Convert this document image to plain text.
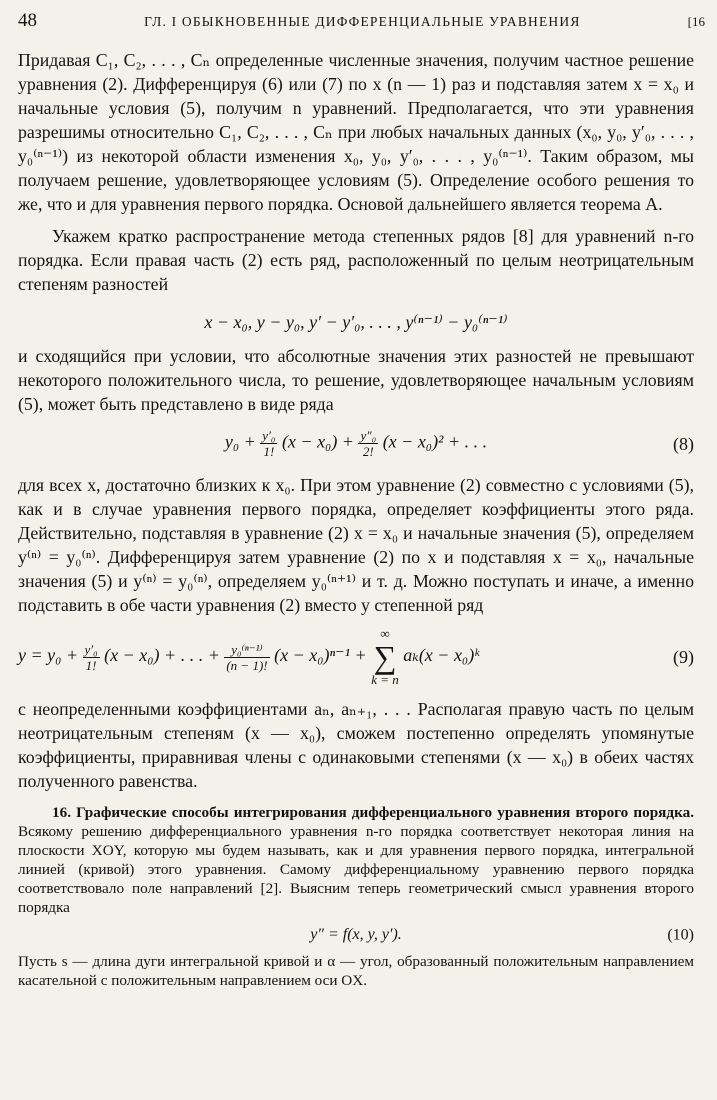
48	ГЛ. I ОБЫКНОВЕННЫЕ ДИФФЕРЕНЦИАЛЬНЫЕ УРАВНЕНИЯ	[16

Придавая C₁, C₂, . . . , Cₙ определенные численные значения, получим частное решение уравнения (2). Дифференцируя (6) или (7) по x (n — 1) раз и подставляя затем x = x₀ и начальные условия (5), получим n уравнений. Предполагается, что эти уравнения разрешимы относительно C₁, C₂, . . . , Cₙ при любых начальных данных (x₀, y₀, y′₀, . . . , y₀⁽ⁿ⁻¹⁾) из некоторой области изменения x₀, y₀, y′₀, . . . , y₀⁽ⁿ⁻¹⁾. Таким образом, мы получаем решение, удовлетворяющее условиям (5). Определение особого решения то же, что и для уравнения первого порядка. Основой дальнейшего является теорема A.

Укажем кратко распространение метода степенных рядов [8] для уравнений n-го порядка. Если правая часть (2) есть ряд, расположенный по целым неотрицательным степеням разностей

x − x₀, y − y₀, y′ − y′₀, . . . , y⁽ⁿ⁻¹⁾ − y₀⁽ⁿ⁻¹⁾

и сходящийся при условии, что абсолютные значения этих разностей не превышают некоторого положительного числа, то решение, удовлетворяющее начальным условиям (5), может быть представлено в виде ряда

$y_0 + \frac{\text{y′₀}}{1!} (x - x_0) + \frac{\text{y″₀}}{2!} (x - x_0)^2$ + . . .	(8)

для всех x, достаточно близких к x₀. При этом уравнение (2) совместно с условиями (5), как и в случае уравнения первого порядка, определяет коэффициенты этого ряда. Действительно, подставляя в уравнение (2) x = x₀ и начальные значения (5), определяем y⁽ⁿ⁾ = y₀⁽ⁿ⁾. Дифференцируя затем уравнение (2) по x и подставляя x = x₀, начальные значения (5) и y⁽ⁿ⁾ = y₀⁽ⁿ⁾, определяем y₀⁽ⁿ⁺¹⁾ и т. д. Можно поступать и иначе, а именно подставить в обе части уравнения (2) вместо y степенной ряд

$y = y_0 + \frac{\text{y′₀}}{1!} (x - x_0)$ + . . . + $\frac{\text{y₀⁽ⁿ⁻¹⁾}}{(n - 1)!} (x - x_0)^{n-1}$ +
∞
∑
k = n
aₖ(x − x₀)ᵏ	(9)

с неопределенными коэффициентами aₙ, aₙ₊₁, . . . Располагая правую часть по целым неотрицательным степеням (x — x₀), сможем постепенно определять упомянутые коэффициенты, приравнивая члены с одинаковыми степенями (x — x₀) в обеих частях полученного равенства.

16. Графические способы интегрирования дифференциального уравнения второго порядка. Всякому решению дифференциального уравнения n-го порядка соответствует некоторая линия на плоскости XOY, которую мы будем называть, как и для уравнения первого порядка, интегральной линией (кривой) этого уравнения. Самому дифференциальному уравнению первого порядка соответствовало поле направлений [2]. Выясним теперь геометрический смысл уравнения второго порядка

y″ = f(x, y, y′).	(10)

Пусть s — длина дуги интегральной кривой и α — угол, образованный положительным направлением касательной с положительным направлением оси OX.
